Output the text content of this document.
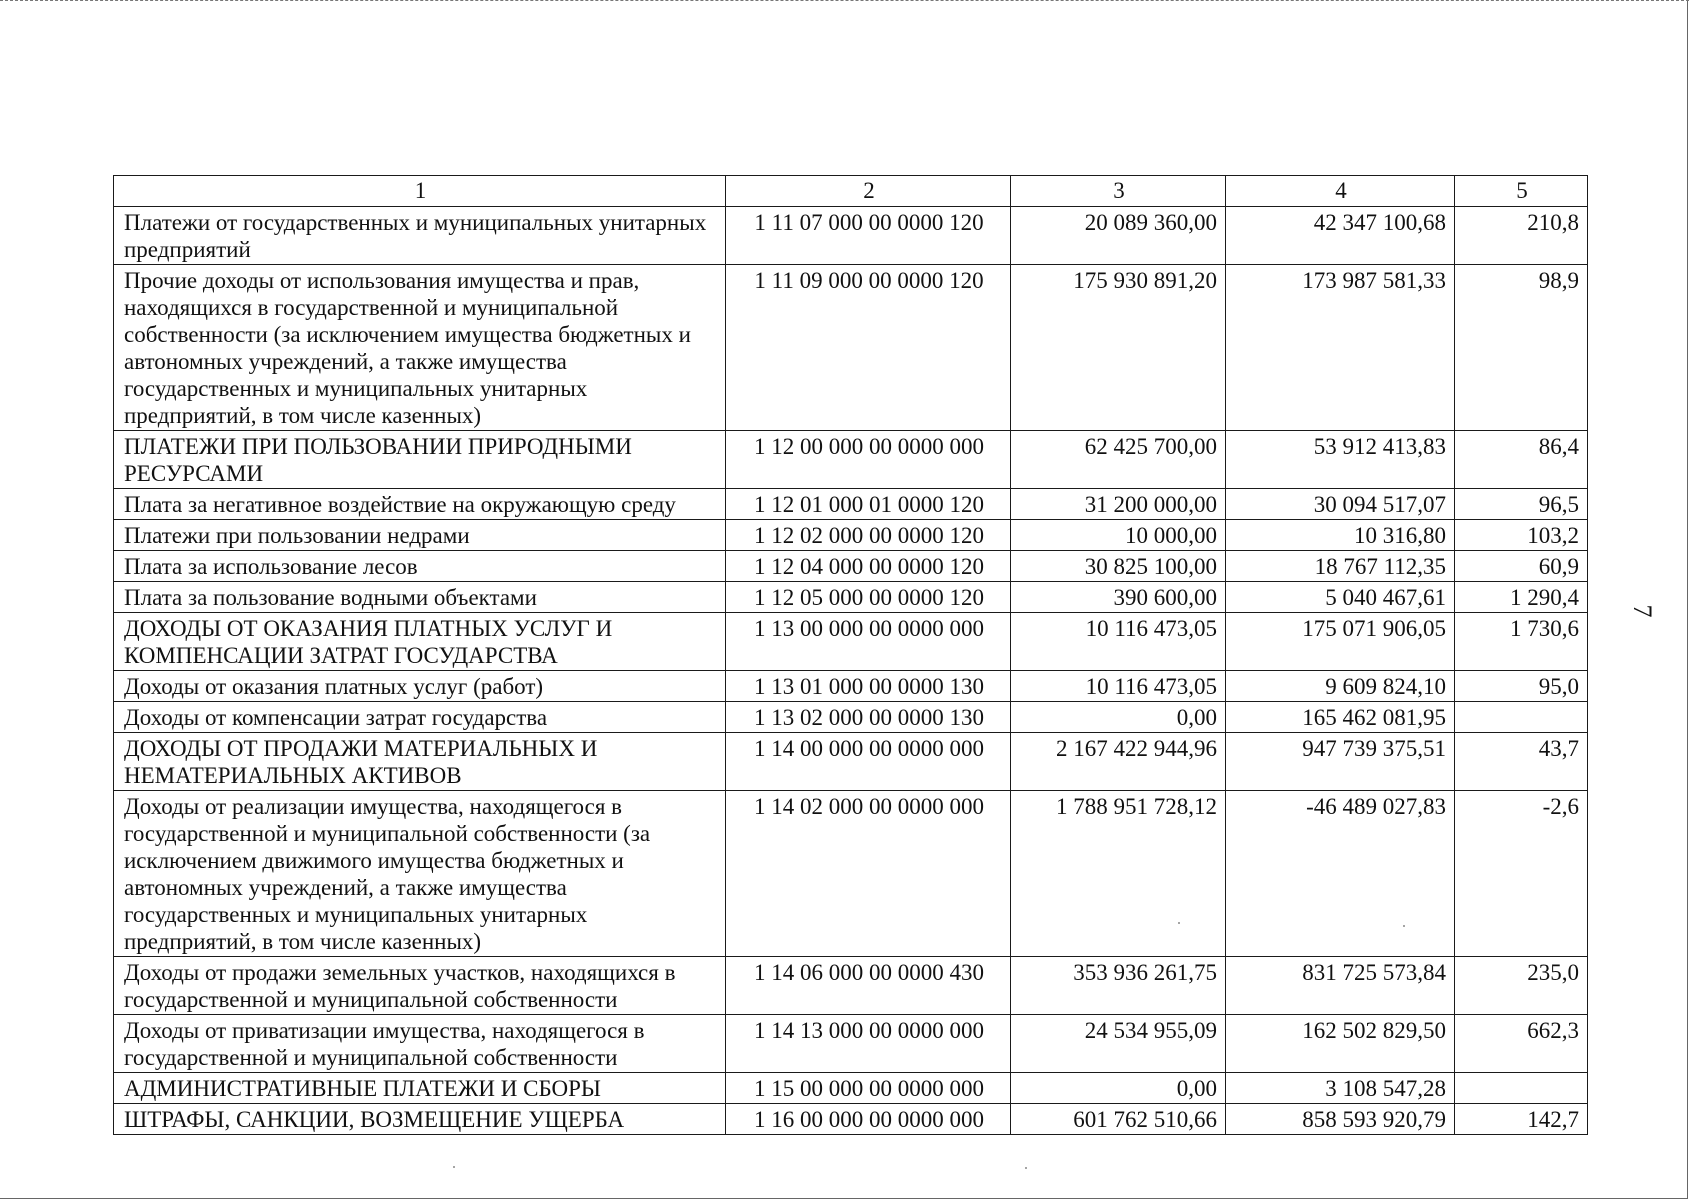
1	2	3	4	5
Платежи от государственных и муниципальных унитарных предприятий	1 11 07 000 00 0000 120	20 089 360,00	42 347 100,68	210,8
Прочие доходы от использования имущества и прав, находящихся в государственной и муниципальной собственности (за исключением имущества бюджетных и автономных учреждений, а также имущества государственных и муниципальных унитарных предприятий, в том числе казенных)	1 11 09 000 00 0000 120	175 930 891,20	173 987 581,33	98,9
ПЛАТЕЖИ ПРИ ПОЛЬЗОВАНИИ ПРИРОДНЫМИ РЕСУРСАМИ	1 12 00 000 00 0000 000	62 425 700,00	53 912 413,83	86,4
Плата за негативное воздействие на окружающую среду	1 12 01 000 01 0000 120	31 200 000,00	30 094 517,07	96,5
Платежи при пользовании недрами	1 12 02 000 00 0000 120	10 000,00	10 316,80	103,2
Плата за использование лесов	1 12 04 000 00 0000 120	30 825 100,00	18 767 112,35	60,9
Плата за пользование водными объектами	1 12 05 000 00 0000 120	390 600,00	5 040 467,61	1 290,4
ДОХОДЫ ОТ ОКАЗАНИЯ ПЛАТНЫХ УСЛУГ И КОМПЕНСАЦИИ ЗАТРАТ ГОСУДАРСТВА	1 13 00 000 00 0000 000	10 116 473,05	175 071 906,05	1 730,6
Доходы от оказания платных услуг (работ)	1 13 01 000 00 0000 130	10 116 473,05	9 609 824,10	95,0
Доходы от компенсации затрат государства	1 13 02 000 00 0000 130	0,00	165 462 081,95	
ДОХОДЫ ОТ ПРОДАЖИ МАТЕРИАЛЬНЫХ И НЕМАТЕРИАЛЬНЫХ АКТИВОВ	1 14 00 000 00 0000 000	2 167 422 944,96	947 739 375,51	43,7
Доходы от реализации имущества, находящегося в государственной и муниципальной собственности (за исключением движимого имущества бюджетных и автономных учреждений, а также имущества государственных и муниципальных унитарных предприятий, в том числе казенных)	1 14 02 000 00 0000 000	1 788 951 728,12	-46 489 027,83	-2,6
Доходы от продажи земельных участков, находящихся в государственной и муниципальной собственности	1 14 06 000 00 0000 430	353 936 261,75	831 725 573,84	235,0
Доходы от приватизации имущества, находящегося в государственной и муниципальной собственности	1 14 13 000 00 0000 000	24 534 955,09	162 502 829,50	662,3
АДМИНИСТРАТИВНЫЕ ПЛАТЕЖИ И СБОРЫ	1 15 00 000 00 0000 000	0,00	3 108 547,28	
ШТРАФЫ, САНКЦИИ, ВОЗМЕЩЕНИЕ УЩЕРБА	1 16 00 000 00 0000 000	601 762 510,66	858 593 920,79	142,7
7
